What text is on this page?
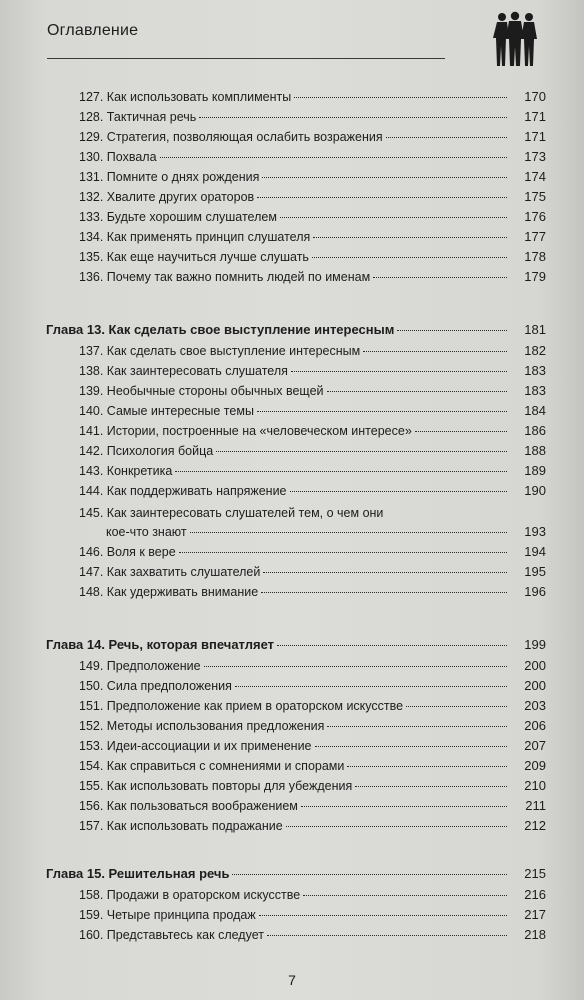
Оглавление
127. Как использовать комплименты	170
128. Тактичная речь	171
129. Стратегия, позволяющая ослабить возражения	171
130. Похвала	173
131. Помните о днях рождения	174
132. Хвалите других ораторов	175
133. Будьте хорошим слушателем	176
134. Как применять принцип слушателя	177
135. Как еще научиться лучше слушать	178
136. Почему так важно помнить людей по именам	179
Глава 13. Как сделать свое выступление интересным	181
137. Как сделать свое выступление интересным	182
138. Как заинтересовать слушателя	183
139. Необычные стороны обычных вещей	183
140. Самые интересные темы	184
141. Истории, построенные на «человеческом интересе»	186
142. Психология бойца	188
143. Конкретика	189
144. Как поддерживать напряжение	190
145. Как заинтересовать слушателей тем, о чем они
кое-что знают	193
146. Воля к вере	194
147. Как захватить слушателей	195
148. Как удерживать внимание	196
Глава 14. Речь, которая впечатляет	199
149. Предположение	200
150. Сила предположения	200
151. Предположение как прием в ораторском искусстве	203
152. Методы использования предложения	206
153. Идеи-ассоциации и их применение	207
154. Как справиться с сомнениями и спорами	209
155. Как использовать повторы для убеждения	210
156. Как пользоваться воображением	211
157. Как использовать подражание	212
Глава 15. Решительная речь	215
158. Продажи в ораторском искусстве	216
159. Четыре принципа продаж	217
160. Представьтесь как следует	218
7
